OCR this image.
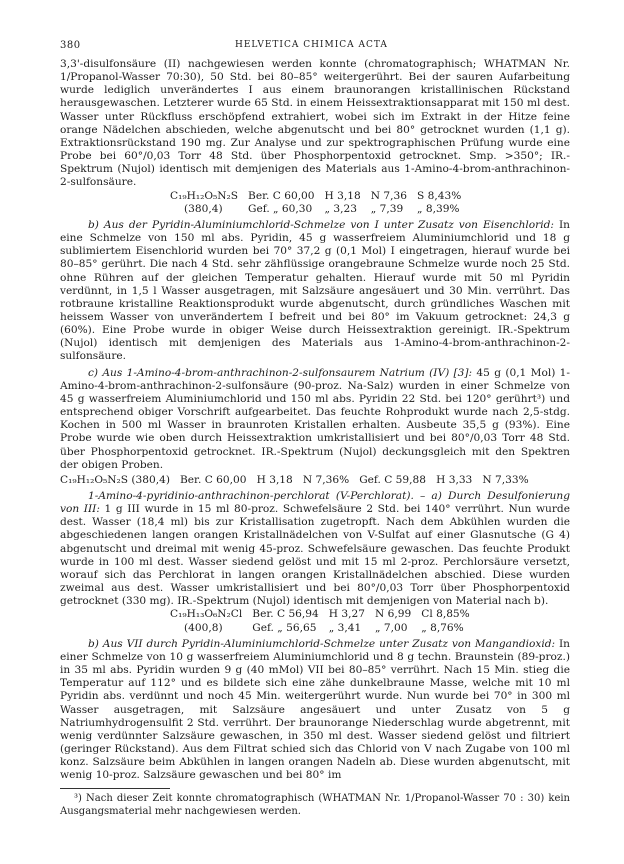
380	HELVETICA CHIMICA ACTA

3,3'-disulfonsäure (II) nachgewiesen werden konnte (chromatographisch; WHATMAN Nr. 1/Propanol-Wasser 70:30), 50 Std. bei 80–85° weitergerührt. Bei der sauren Aufarbeitung wurde lediglich unverändertes I aus einem braunorangen kristallinischen Rückstand herausgewaschen. Letzterer wurde 65 Std. in einem Heissextraktionsapparat mit 150 ml dest. Wasser unter Rückfluss erschöpfend extrahiert, wobei sich im Extrakt in der Hitze feine orange Nädelchen abschieden, welche abgenutscht und bei 80° getrocknet wurden (1,1 g). Extraktionsrückstand 190 mg. Zur Analyse und zur spektrographischen Prüfung wurde eine Probe bei 60°/0,03 Torr 48 Std. über Phosphorpentoxid getrocknet. Smp. >350°; IR.-Spektrum (Nujol) identisch mit demjenigen des Materials aus 1-Amino-4-brom-anthrachinon-2-sulfonsäure.

C₁₉H₁₂O₅N₂S	Ber. C 60,00	H 3,18	N 7,36	S 8,43%
(380,4)	Gef. „ 60,30	„ 3,23	„ 7,39	„ 8,39%

b) Aus der Pyridin-Aluminiumchlorid-Schmelze von I unter Zusatz von Eisenchlorid: In eine Schmelze von 150 ml abs. Pyridin, 45 g wasserfreiem Aluminiumchlorid und 18 g sublimiertem Eisenchlorid wurden bei 70° 37,2 g (0,1 Mol) I eingetragen, hierauf wurde bei 80–85° gerührt. Die nach 4 Std. sehr zähflüssige orangebraune Schmelze wurde noch 25 Std. ohne Rühren auf der gleichen Temperatur gehalten. Hierauf wurde mit 50 ml Pyridin verdünnt, in 1,5 l Wasser ausgetragen, mit Salzsäure angesäuert und 30 Min. verrührt. Das rotbraune kristalline Reaktionsprodukt wurde abgenutscht, durch gründliches Waschen mit heissem Wasser von unverändertem I befreit und bei 80° im Vakuum getrocknet: 24,3 g (60%). Eine Probe wurde in obiger Weise durch Heissextraktion gereinigt. IR.-Spektrum (Nujol) identisch mit demjenigen des Materials aus 1-Amino-4-brom-anthrachinon-2-sulfonsäure.

c) Aus 1-Amino-4-brom-anthrachinon-2-sulfonsaurem Natrium (IV) [3]: 45 g (0,1 Mol) 1-Amino-4-brom-anthrachinon-2-sulfonsäure (90-proz. Na-Salz) wurden in einer Schmelze von 45 g wasserfreiem Aluminiumchlorid und 150 ml abs. Pyridin 22 Std. bei 120° gerührt³) und entsprechend obiger Vorschrift aufgearbeitet. Das feuchte Rohprodukt wurde nach 2,5-stdg. Kochen in 500 ml Wasser in braunroten Kristallen erhalten. Ausbeute 35,5 g (93%). Eine Probe wurde wie oben durch Heissextraktion umkristallisiert und bei 80°/0,03 Torr 48 Std. über Phosphorpentoxid getrocknet. IR.-Spektrum (Nujol) deckungsgleich mit den Spektren der obigen Proben.

C₁₉H₁₂O₅N₂S (380,4)	Ber. C 60,00   H 3,18   N 7,36%	Gef. C 59,88   H 3,33   N 7,33%

1-Amino-4-pyridinio-anthrachinon-perchlorat (V-Perchlorat). – a) Durch Desulfonierung von III: 1 g III wurde in 15 ml 80-proz. Schwefelsäure 2 Std. bei 140° verrührt. Nun wurde dest. Wasser (18,4 ml) bis zur Kristallisation zugetropft. Nach dem Abkühlen wurden die abgeschiedenen langen orangen Kristallnädelchen von V-Sulfat auf einer Glasnutsche (G 4) abgenutscht und dreimal mit wenig 45-proz. Schwefelsäure gewaschen. Das feuchte Produkt wurde in 100 ml dest. Wasser siedend gelöst und mit 15 ml 2-proz. Perchlorsäure versetzt, worauf sich das Perchlorat in langen orangen Kristallnädelchen abschied. Diese wurden zweimal aus dest. Wasser umkristallisiert und bei 80°/0,03 Torr über Phosphorpentoxid getrocknet (330 mg). IR.-Spektrum (Nujol) identisch mit demjenigen von Material nach b).

C₁₉H₁₃O₆N₂Cl	Ber. C 56,94	H 3,27	N 6,99	Cl 8,85%
(400,8)	Gef. „ 56,65	„ 3,41	„ 7,00	„ 8,76%

b) Aus VII durch Pyridin-Aluminiumchlorid-Schmelze unter Zusatz von Mangandioxid: In einer Schmelze von 10 g wasserfreiem Aluminiumchlorid und 8 g techn. Braunstein (89-proz.) in 35 ml abs. Pyridin wurden 9 g (40 mMol) VII bei 80–85° verrührt. Nach 15 Min. stieg die Temperatur auf 112° und es bildete sich eine zähe dunkelbraune Masse, welche mit 10 ml Pyridin abs. verdünnt und noch 45 Min. weitergerührt wurde. Nun wurde bei 70° in 300 ml Wasser ausgetragen, mit Salzsäure angesäuert und unter Zusatz von 5 g Natriumhydrogensulfit 2 Std. verrührt. Der braunorange Niederschlag wurde abgetrennt, mit wenig verdünnter Salzsäure gewaschen, in 350 ml dest. Wasser siedend gelöst und filtriert (geringer Rückstand). Aus dem Filtrat schied sich das Chlorid von V nach Zugabe von 100 ml konz. Salzsäure beim Abkühlen in langen orangen Nadeln ab. Diese wurden abgenutscht, mit wenig 10-proz. Salzsäure gewaschen und bei 80° im

³) Nach dieser Zeit konnte chromatographisch (WHATMAN Nr. 1/Propanol-Wasser 70 : 30) kein Ausgangsmaterial mehr nachgewiesen werden.
